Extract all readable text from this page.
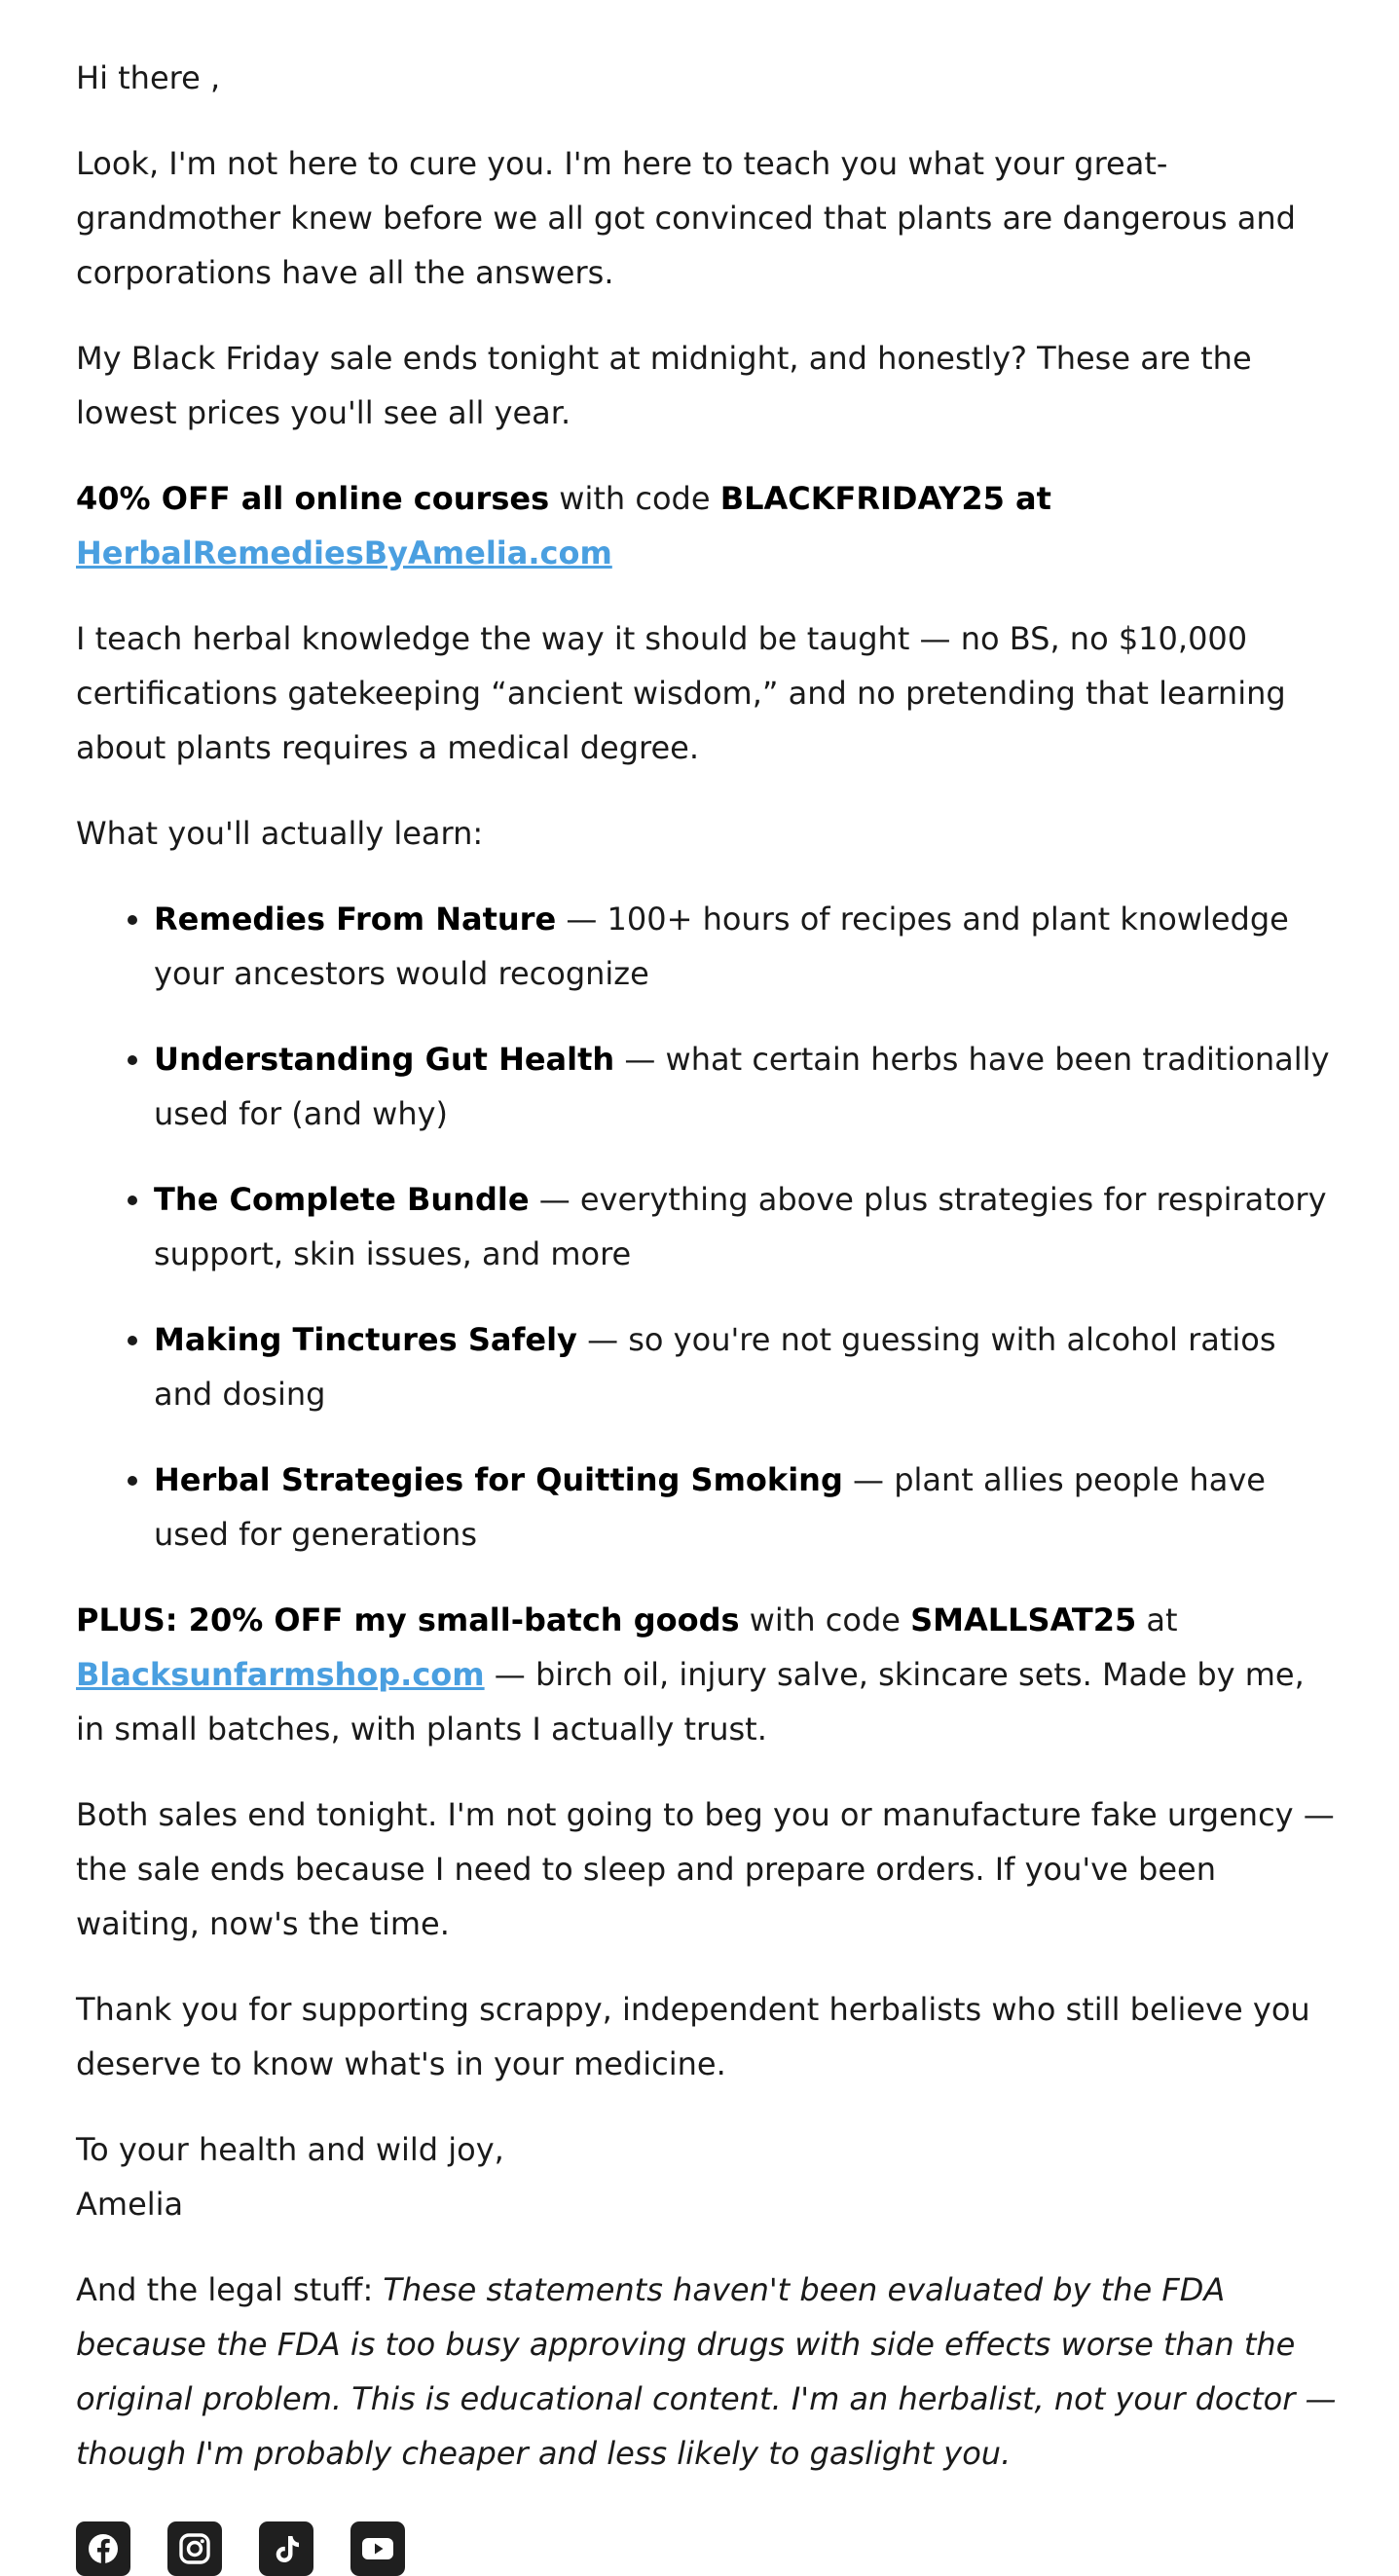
Hi there ,

Look, I'm not here to cure you. I'm here to teach you what your great-grandmother knew before we all got convinced that plants are dangerous and corporations have all the answers.

My Black Friday sale ends tonight at midnight, and honestly? These are the lowest prices you'll see all year.

40% OFF all online courses with code BLACKFRIDAY25 at
HerbalRemediesByAmelia.com

I teach herbal knowledge the way it should be taught — no BS, no $10,000 certifications gatekeeping “ancient wisdom,” and no pretending that learning about plants requires a medical degree.

What you'll actually learn:

• Remedies From Nature — 100+ hours of recipes and plant knowledge your ancestors would recognize
• Understanding Gut Health — what certain herbs have been traditionally used for (and why)
• The Complete Bundle — everything above plus strategies for respiratory support, skin issues, and more
• Making Tinctures Safely — so you're not guessing with alcohol ratios and dosing
• Herbal Strategies for Quitting Smoking — plant allies people have used for generations

PLUS: 20% OFF my small-batch goods with code SMALLSAT25 at
Blacksunfarmshop.com — birch oil, injury salve, skincare sets. Made by me, in small batches, with plants I actually trust.

Both sales end tonight. I'm not going to beg you or manufacture fake urgency — the sale ends because I need to sleep and prepare orders. If you've been waiting, now's the time.

Thank you for supporting scrappy, independent herbalists who still believe you deserve to know what's in your medicine.

To your health and wild joy,
Amelia

And the legal stuff: These statements haven't been evaluated by the FDA because the FDA is too busy approving drugs with side effects worse than the original problem. This is educational content. I'm an herbalist, not your doctor — though I'm probably cheaper and less likely to gaslight you.
